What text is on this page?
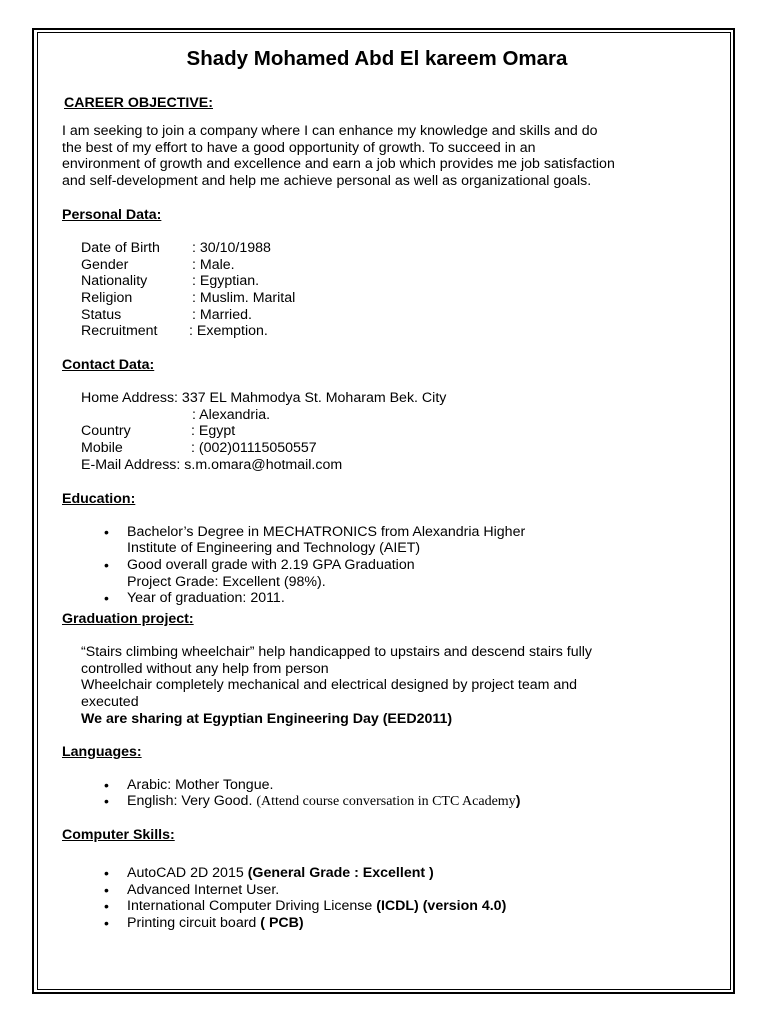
Shady Mohamed Abd El kareem Omara
CAREER OBJECTIVE:
I am seeking to join a company where I can enhance my knowledge and skills and do
the best of my effort to have a good opportunity of growth. To succeed in an
environment of growth and excellence and earn a job which provides me job satisfaction
and self-development and help me achieve personal as well as organizational goals.
Personal Data:
Date of Birth	: 30/10/1988
Gender	: Male.
Nationality	: Egyptian.
Religion	: Muslim. Marital
Status	: Married.
Recruitment	: Exemption.
Contact Data:
Home Address: 337 EL Mahmodya St. Moharam Bek. City
: Alexandria.
Country	: Egypt
Mobile	: (002)01115050557
E-Mail Address: s.m.omara@hotmail.com
Education:
• Bachelor’s Degree in MECHATRONICS from Alexandria Higher
Institute of Engineering and Technology (AIET)
• Good overall grade with 2.19 GPA Graduation
Project Grade: Excellent (98%).
• Year of graduation: 2011.
Graduation project:
“Stairs climbing wheelchair” help handicapped to upstairs and descend stairs fully
controlled without any help from person
Wheelchair completely mechanical and electrical designed by project team and
executed
We are sharing at Egyptian Engineering Day (EED2011)
Languages:
• Arabic: Mother Tongue.
• English: Very Good. (Attend course conversation in CTC Academy)
Computer Skills:
• AutoCAD 2D 2015 (General Grade : Excellent )
• Advanced Internet User.
• International Computer Driving License (ICDL) (version 4.0)
• Printing circuit board ( PCB)
